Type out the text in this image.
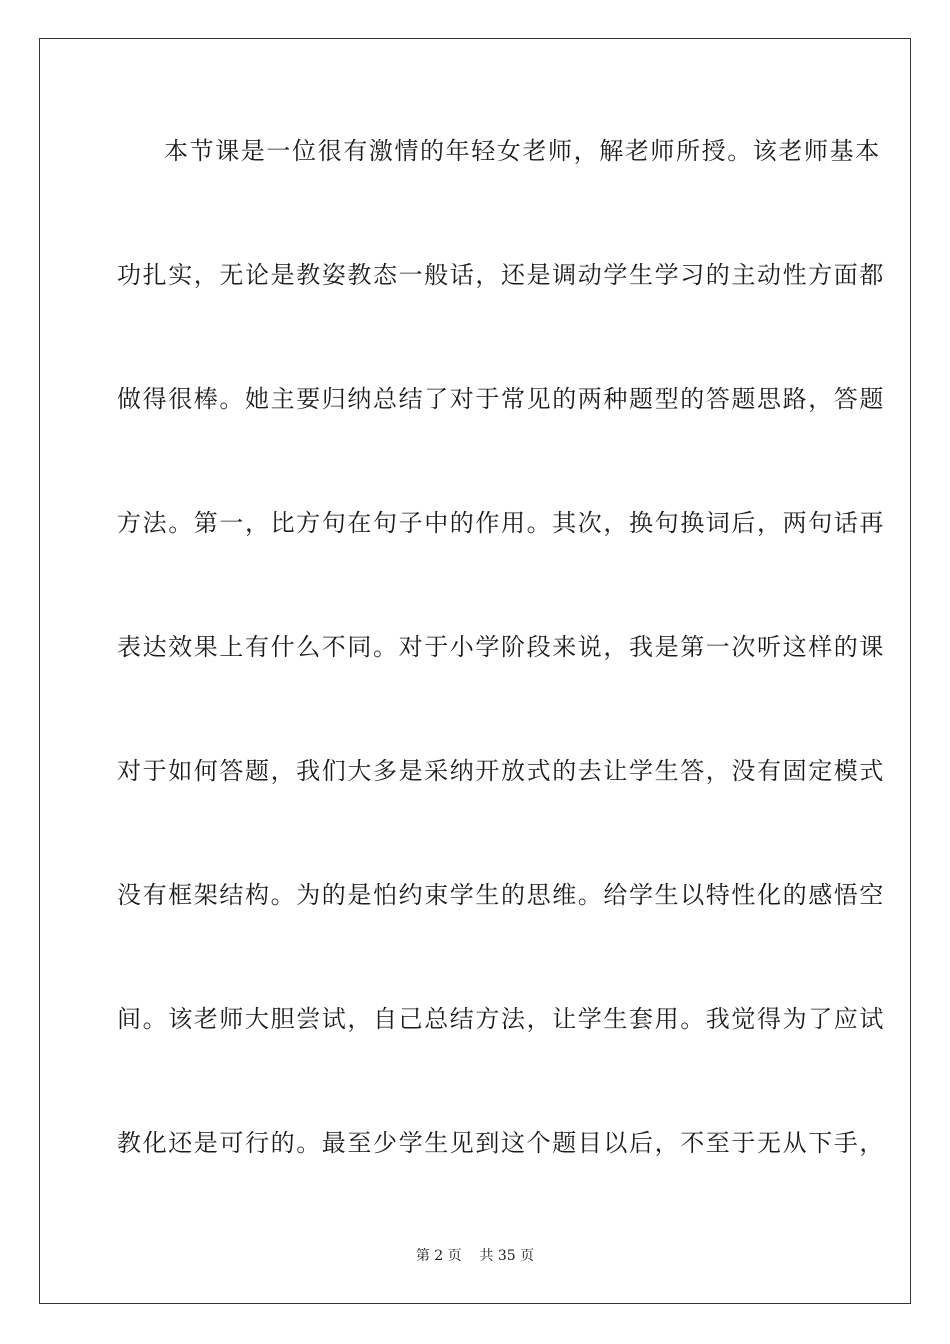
本节课是一位很有激情的年轻女老师，解老师所授。该老师基本
功扎实，无论是教姿教态一般话，还是调动学生学习的主动性方面都
做得很棒。她主要归纳总结了对于常见的两种题型的答题思路，答题
方法。第一，比方句在句子中的作用。其次，换句换词后，两句话再
表达效果上有什么不同。对于小学阶段来说，我是第一次听这样的课
对于如何答题，我们大多是采纳开放式的去让学生答，没有固定模式
没有框架结构。为的是怕约束学生的思维。给学生以特性化的感悟空
间。该老师大胆尝试，自己总结方法，让学生套用。我觉得为了应试
教化还是可行的。最至少学生见到这个题目以后，不至于无从下手，
第 2 页 共 35 页
